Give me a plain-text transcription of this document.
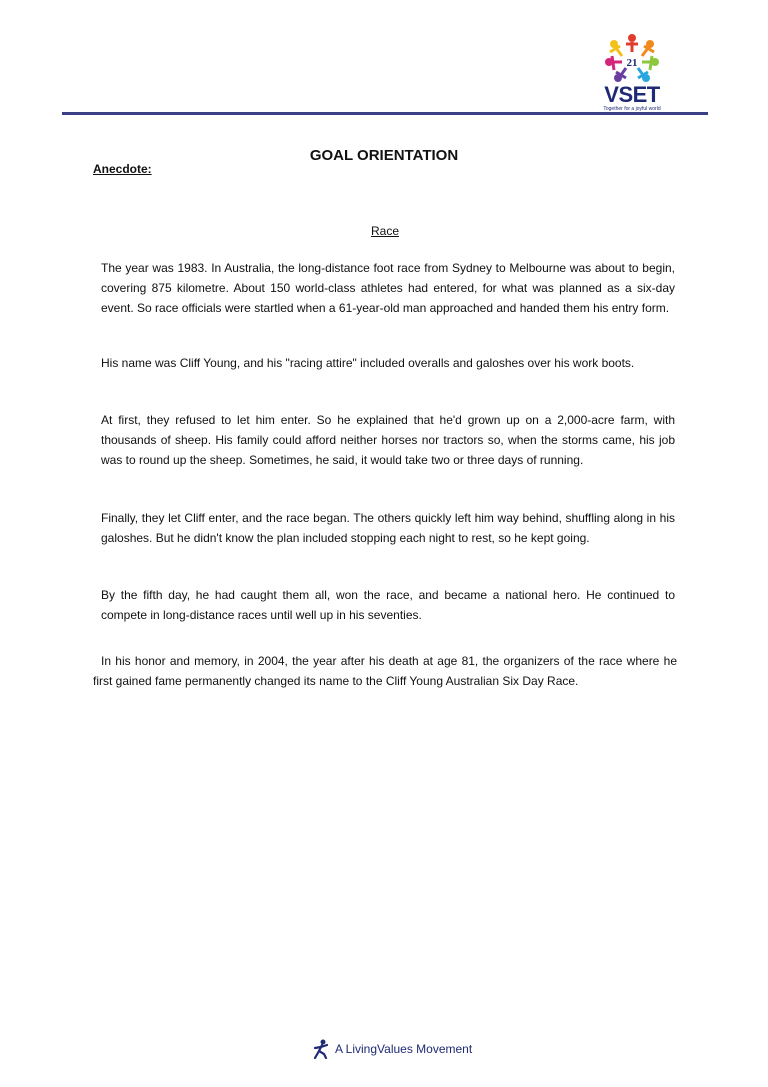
21
VSET
Together for a joyful world
GOAL ORIENTATION
Anecdote:
Race

The year was 1983. In Australia, the long-distance foot race from Sydney to Melbourne was about to begin, covering 875 kilometre. About 150 world-class athletes had entered, for what was planned as a six-day event. So race officials were startled when a 61-year-old man approached and handed them his entry form.

His name was Cliff Young, and his "racing attire" included overalls and galoshes over his work boots.

At first, they refused to let him enter. So he explained that he'd grown up on a 2,000-acre farm, with thousands of sheep. His family could afford neither horses nor tractors so, when the storms came, his job was to round up the sheep. Sometimes, he said, it would take two or three days of running.

Finally, they let Cliff enter, and the race began. The others quickly left him way behind, shuffling along in his galoshes. But he didn't know the plan included stopping each night to rest, so he kept going.

By the fifth day, he had caught them all, won the race, and became a national hero. He continued to compete in long-distance races until well up in his seventies.

In his honor and memory, in 2004, the year after his death at age 81, the organizers of the race where he first gained fame permanently changed its name to the Cliff Young Australian Six Day Race.

A LivingValues Movement
